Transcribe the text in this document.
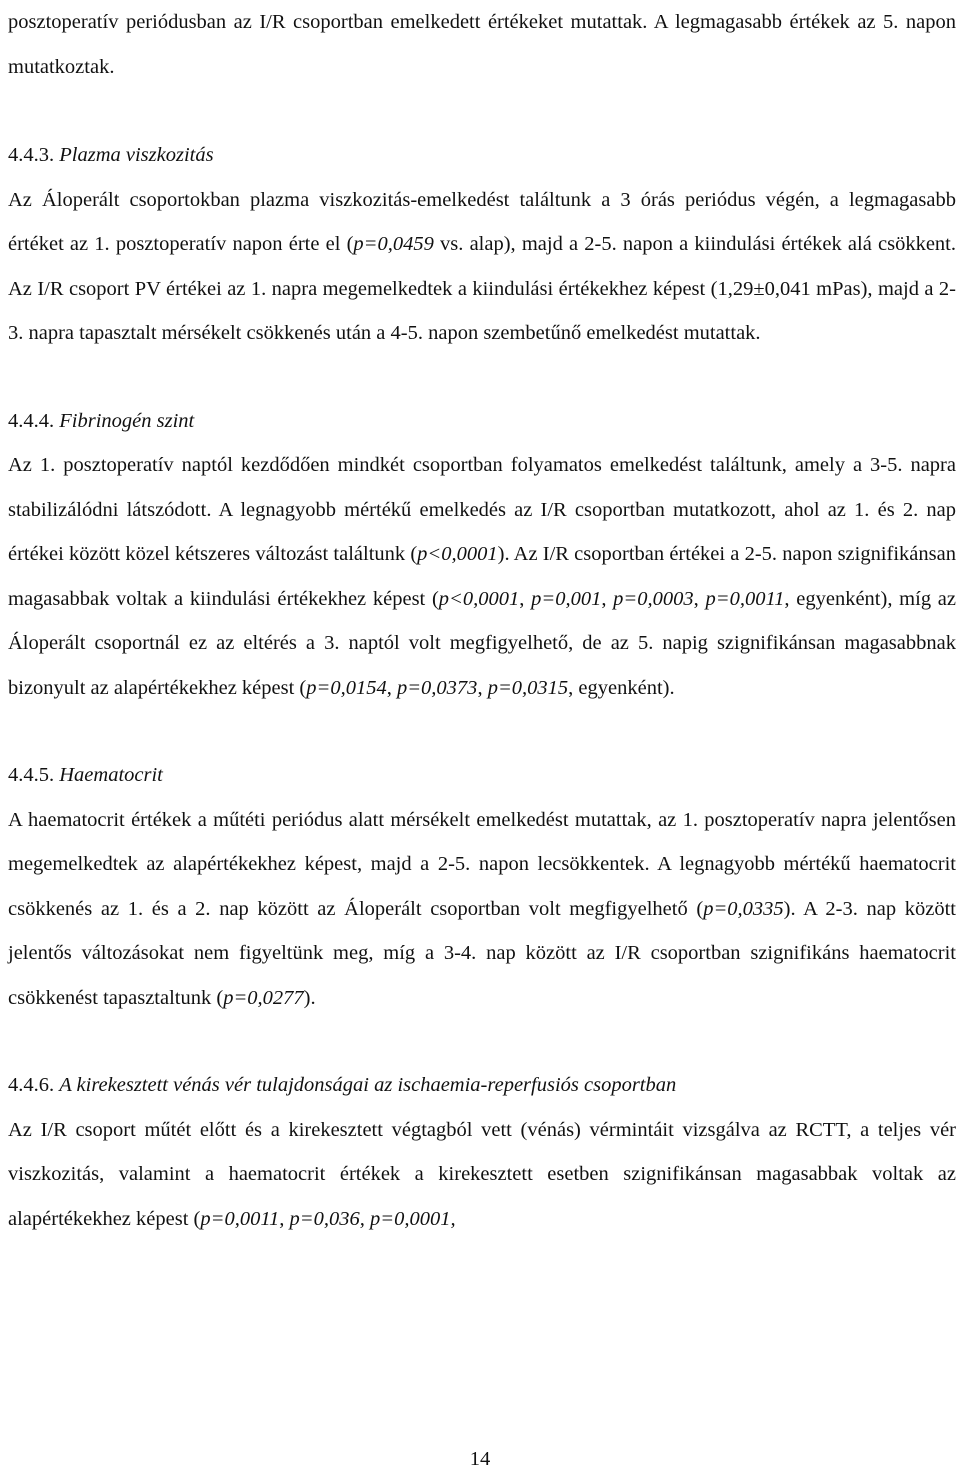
posztoperatív periódusban az I/R csoportban emelkedett értékeket mutattak. A legmagasabb értékek az 5. napon mutatkoztak.

4.4.3. Plazma viszkozitás

Az Áloperált csoportokban plazma viszkozitás-emelkedést találtunk a 3 órás periódus végén, a legmagasabb értéket az 1. posztoperatív napon érte el (p=0,0459 vs. alap), majd a 2-5. napon a kiindulási értékek alá csökkent. Az I/R csoport PV értékei az 1. napra megemelkedtek a kiindulási értékekhez képest (1,29±0,041 mPas), majd a 2-3. napra tapasztalt mérsékelt csökkenés után a 4-5. napon szembetűnő emelkedést mutattak.

4.4.4. Fibrinogén szint

Az 1. posztoperatív naptól kezdődően mindkét csoportban folyamatos emelkedést találtunk, amely a 3-5. napra stabilizálódni látszódott. A legnagyobb mértékű emelkedés az I/R csoportban mutatkozott, ahol az 1. és 2. nap értékei között közel kétszeres változást találtunk (p<0,0001). Az I/R csoportban értékei a 2-5. napon szignifikánsan magasabbak voltak a kiindulási értékekhez képest (p<0,0001, p=0,001, p=0,0003, p=0,0011, egyenként), míg az Áloperált csoportnál ez az eltérés a 3. naptól volt megfigyelhető, de az 5. napig szignifikánsan magasabbnak bizonyult az alapértékekhez képest (p=0,0154, p=0,0373, p=0,0315, egyenként).

4.4.5. Haematocrit

A haematocrit értékek a műtéti periódus alatt mérsékelt emelkedést mutattak, az 1. posztoperatív napra jelentősen megemelkedtek az alapértékekhez képest, majd a 2-5. napon lecsökkentek. A legnagyobb mértékű haematocrit csökkenés az 1. és a 2. nap között az Áloperált csoportban volt megfigyelhető (p=0,0335). A 2-3. nap között jelentős változásokat nem figyeltünk meg, míg a 3-4. nap között az I/R csoportban szignifikáns haematocrit csökkenést tapasztaltunk (p=0,0277).

4.4.6. A kirekesztett vénás vér tulajdonságai az ischaemia-reperfusiós csoportban

Az I/R csoport műtét előtt és a kirekesztett végtagból vett (vénás) vérmintáit vizsgálva az RCTT, a teljes vér viszkozitás, valamint a haematocrit értékek a kirekesztett esetben szignifikánsan magasabbak voltak az alapértékekhez képest (p=0,0011, p=0,036, p=0,0001,

14
